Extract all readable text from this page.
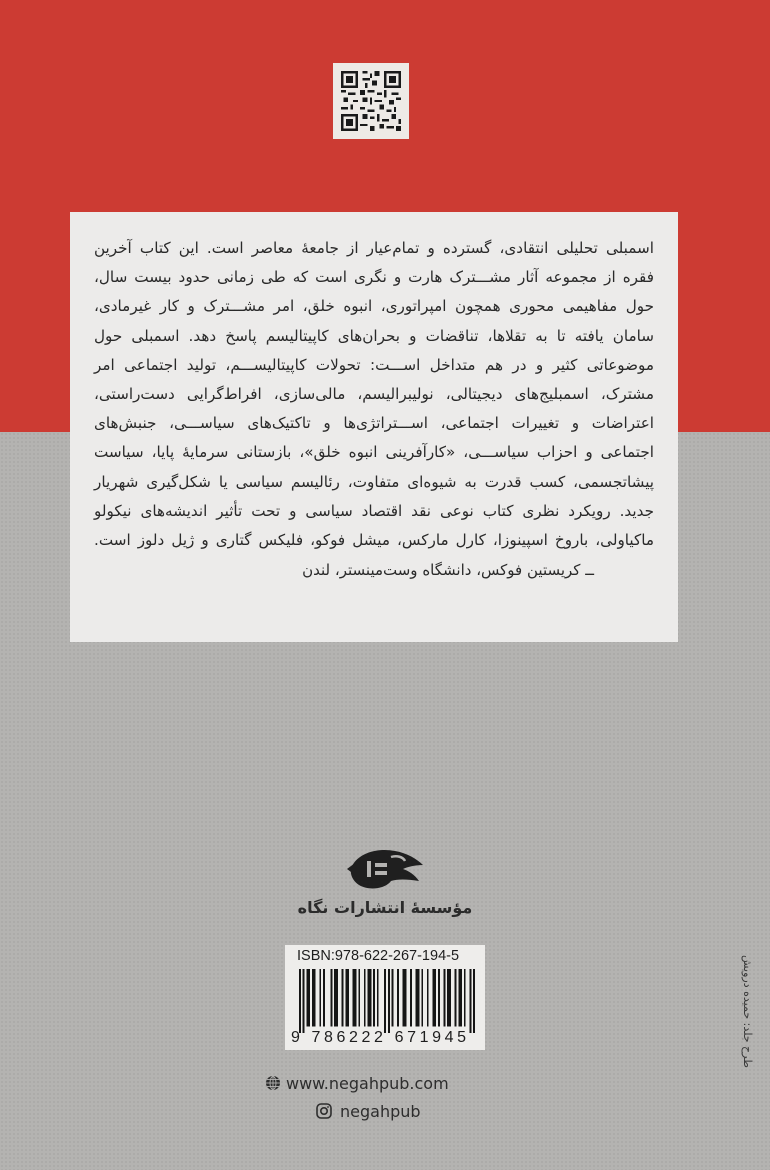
اسمبلی تحلیلی انتقادی، گسترده و تمام‌عیار از جامعهٔ معاصر است. این کتاب آخرین
فقره از مجموعه آثار مشـــترک هارت و نگری است که طی زمانی حدود بیست سال،
حول مفاهیمی محوری همچون امپراتوری، انبوه خلق، امر مشـــترک و کار غیرمادی،
سامان یافته تا به تقلاها، تناقضات و بحران‌های کاپیتالیسم پاسخ دهد. اسمبلی حول
موضوعاتی کثیر و در هم متداخل اســـت: تحولات کاپیتالیســـم، تولید اجتماعی امر
مشترک، اسمبلیج‌های دیجیتالی، نولیبرالیسم، مالی‌سازی، افراط‌گرایی دست‌راستی،
اعتراضات و تغییرات اجتماعی، اســـتراتژی‌ها و تاکتیک‌های سیاســـی، جنبش‌های
اجتماعی و احزاب سیاســـی، «کارآفرینی انبوه خلق»، بازستانی سرمایهٔ پایا، سیاست
پیشاتجسمی، کسب قدرت به شیوه‌ای متفاوت، رئالیسم سیاسی یا شکل‌گیری شهریار
جدید. رویکرد نظری کتاب نوعی نقد اقتصاد سیاسی و تحت تأثیر اندیشه‌های نیکولو
ماکیاولی، باروخ اسپینوزا، کارل مارکس، میشل فوکو، فلیکس گتاری و ژیل دلوز است.

ــ کریستین فوکس، دانشگاه وست‌مینستر، لندن
مؤسسهٔ انتشارات نگاه
ISBN:978-622-267-194-5
9 786222 671945
www.negahpub.com
negahpub
طرح جلد: حمیده درویش
